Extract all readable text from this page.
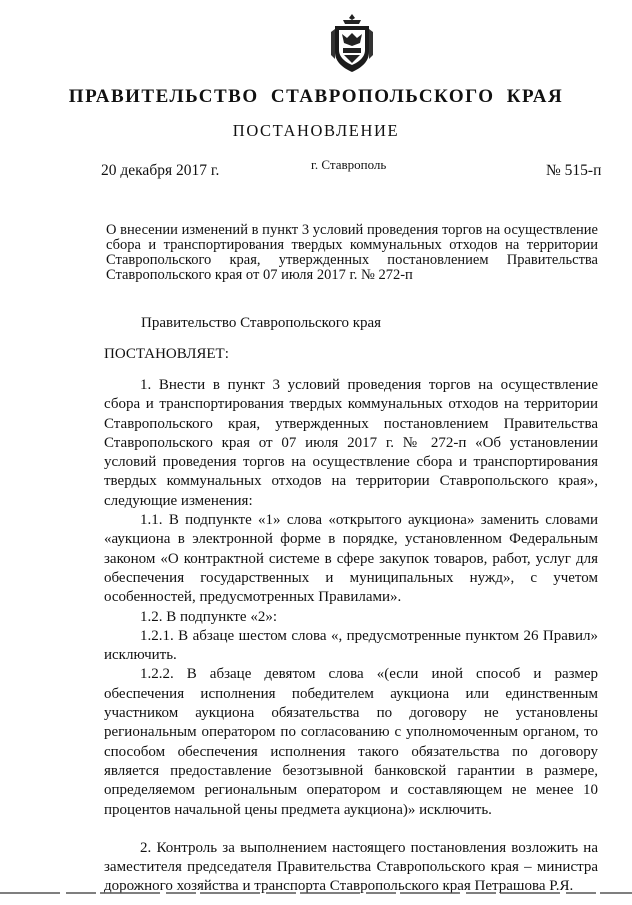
ПРАВИТЕЛЬСТВО СТАВРОПОЛЬСКОГО КРАЯ
ПОСТАНОВЛЕНИЕ
20 декабря 2017 г.	г. Ставрополь	№ 515-п
О внесении изменений в пункт 3 условий проведения торгов на осуществление сбора и транспортирования твердых коммунальных отходов на территории Ставропольского края, утвержденных постановлением Правительства Ставропольского края от 07 июля 2017 г. № 272-п
Правительство Ставропольского края
ПОСТАНОВЛЯЕТ:

1. Внести в пункт 3 условий проведения торгов на осуществление сбора и транспортирования твердых коммунальных отходов на территории Ставропольского края, утвержденных постановлением Правительства Ставропольского края от 07 июля 2017 г. № 272-п «Об установлении условий проведения торгов на осуществление сбора и транспортирования твердых коммунальных отходов на территории Ставропольского края», следующие изменения:

1.1. В подпункте «1» слова «открытого аукциона» заменить словами «аукциона в электронной форме в порядке, установленном Федеральным законом «О контрактной системе в сфере закупок товаров, работ, услуг для обеспечения государственных и муниципальных нужд», с учетом особенностей, предусмотренных Правилами».

1.2. В подпункте «2»:

1.2.1. В абзаце шестом слова «, предусмотренные пунктом 26 Правил» исключить.

1.2.2. В абзаце девятом слова «(если иной способ и размер обеспечения исполнения победителем аукциона или единственным участником аукциона обязательства по договору не установлены региональным оператором по согласованию с уполномоченным органом, то способом обеспечения исполнения такого обязательства по договору является предоставление безотзывной банковской гарантии в размере, определяемом региональным оператором и составляющем не менее 10 процентов начальной цены предмета аукциона)» исключить.

2. Контроль за выполнением настоящего постановления возложить на заместителя председателя Правительства Ставропольского края – министра дорожного хозяйства и транспорта Ставропольского края Петрашова Р.Я.
